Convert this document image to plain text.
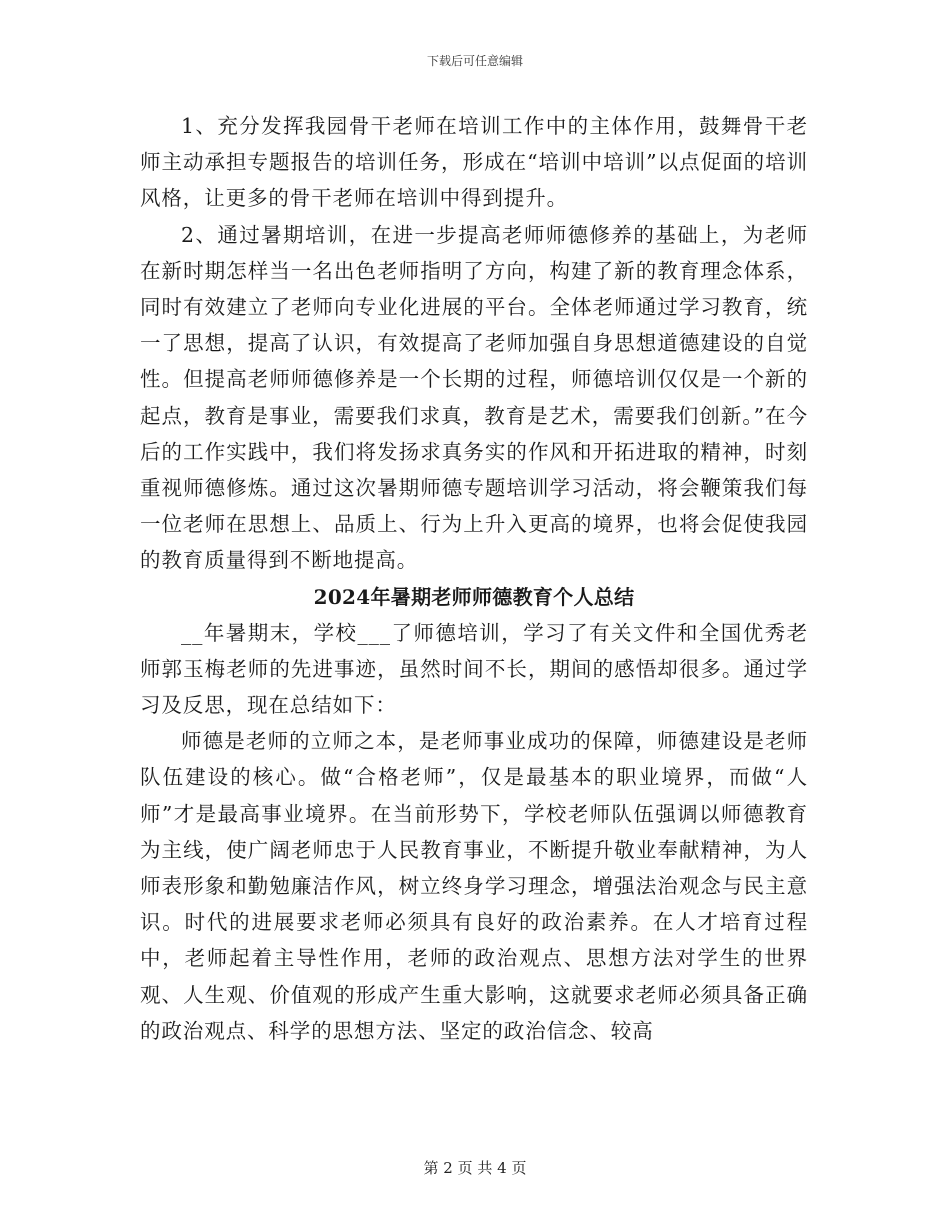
下载后可任意编辑

1、充分发挥我园骨干老师在培训工作中的主体作用，鼓舞骨干老师主动承担专题报告的培训任务，形成在“培训中培训”以点促面的培训风格，让更多的骨干老师在培训中得到提升。

2、通过暑期培训，在进一步提高老师师德修养的基础上，为老师在新时期怎样当一名出色老师指明了方向，构建了新的教育理念体系，同时有效建立了老师向专业化进展的平台。全体老师通过学习教育，统一了思想，提高了认识，有效提高了老师加强自身思想道德建设的自觉性。但提高老师师德修养是一个长期的过程，师德培训仅仅是一个新的起点，教育是事业，需要我们求真，教育是艺术，需要我们创新。”在今后的工作实践中，我们将发扬求真务实的作风和开拓进取的精神，时刻重视师德修炼。通过这次暑期师德专题培训学习活动，将会鞭策我们每一位老师在思想上、品质上、行为上升入更高的境界，也将会促使我园的教育质量得到不断地提高。

2024年暑期老师师德教育个人总结

__年暑期末，学校___了师德培训，学习了有关文件和全国优秀老师郭玉梅老师的先进事迹，虽然时间不长，期间的感悟却很多。通过学习及反思，现在总结如下：

师德是老师的立师之本，是老师事业成功的保障，师德建设是老师队伍建设的核心。做“合格老师”，仅是最基本的职业境界，而做“人师”才是最高事业境界。在当前形势下，学校老师队伍强调以师德教育为主线，使广阔老师忠于人民教育事业，不断提升敬业奉献精神，为人师表形象和勤勉廉洁作风，树立终身学习理念，增强法治观念与民主意识。时代的进展要求老师必须具有良好的政治素养。在人才培育过程中，老师起着主导性作用，老师的政治观点、思想方法对学生的世界观、人生观、价值观的形成产生重大影响，这就要求老师必须具备正确的政治观点、科学的思想方法、坚定的政治信念、较高

第 2 页 共 4 页
